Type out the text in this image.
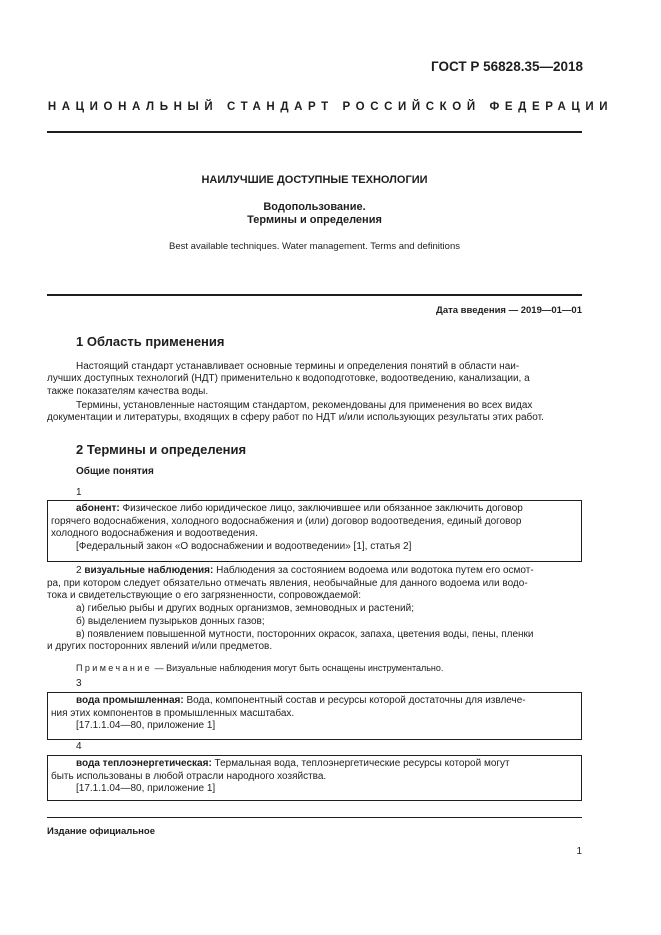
ГОСТ Р 56828.35—2018
НАЦИОНАЛЬНЫЙ СТАНДАРТ РОССИЙСКОЙ ФЕДЕРАЦИИ
НАИЛУЧШИЕ ДОСТУПНЫЕ ТЕХНОЛОГИИ
Водопользование.
Термины и определения
Best available techniques. Water management. Terms and definitions
Дата введения — 2019—01—01
1 Область применения
Настоящий стандарт устанавливает основные термины и определения понятий в области наи-
лучших доступных технологий (НДТ) применительно к водоподготовке, водоотведению, канализации, а
также показателям качества воды.
Термины, установленные настоящим стандартом, рекомендованы для применения во всех видах
документации и литературы, входящих в сферу работ по НДТ и/или использующих результаты этих работ.
2 Термины и определения
Общие понятия
1
абонент: Физическое либо юридическое лицо, заключившее или обязанное заключить договор
горячего водоснабжения, холодного водоснабжения и (или) договор водоотведения, единый договор
холодного водоснабжения и водоотведения.
[Федеральный закон «О водоснабжении и водоотведении» [1], статья 2]
2 визуальные наблюдения: Наблюдения за состоянием водоема или водотока путем его осмот-
ра, при котором следует обязательно отмечать явления, необычайные для данного водоема или водо-
тока и свидетельствующие о его загрязненности, сопровождаемой:
а) гибелью рыбы и других водных организмов, земноводных и растений;
б) выделением пузырьков донных газов;
в) появлением повышенной мутности, посторонних окрасок, запаха, цветения воды, пены, пленки
и других посторонних явлений и/или предметов.
Примечание — Визуальные наблюдения могут быть оснащены инструментально.
3
вода промышленная: Вода, компонентный состав и ресурсы которой достаточны для извлече-
ния этих компонентов в промышленных масштабах.
[17.1.1.04—80, приложение 1]
4
вода теплоэнергетическая: Термальная вода, теплоэнергетические ресурсы которой могут
быть использованы в любой отрасли народного хозяйства.
[17.1.1.04—80, приложение 1]
Издание официальное
1
